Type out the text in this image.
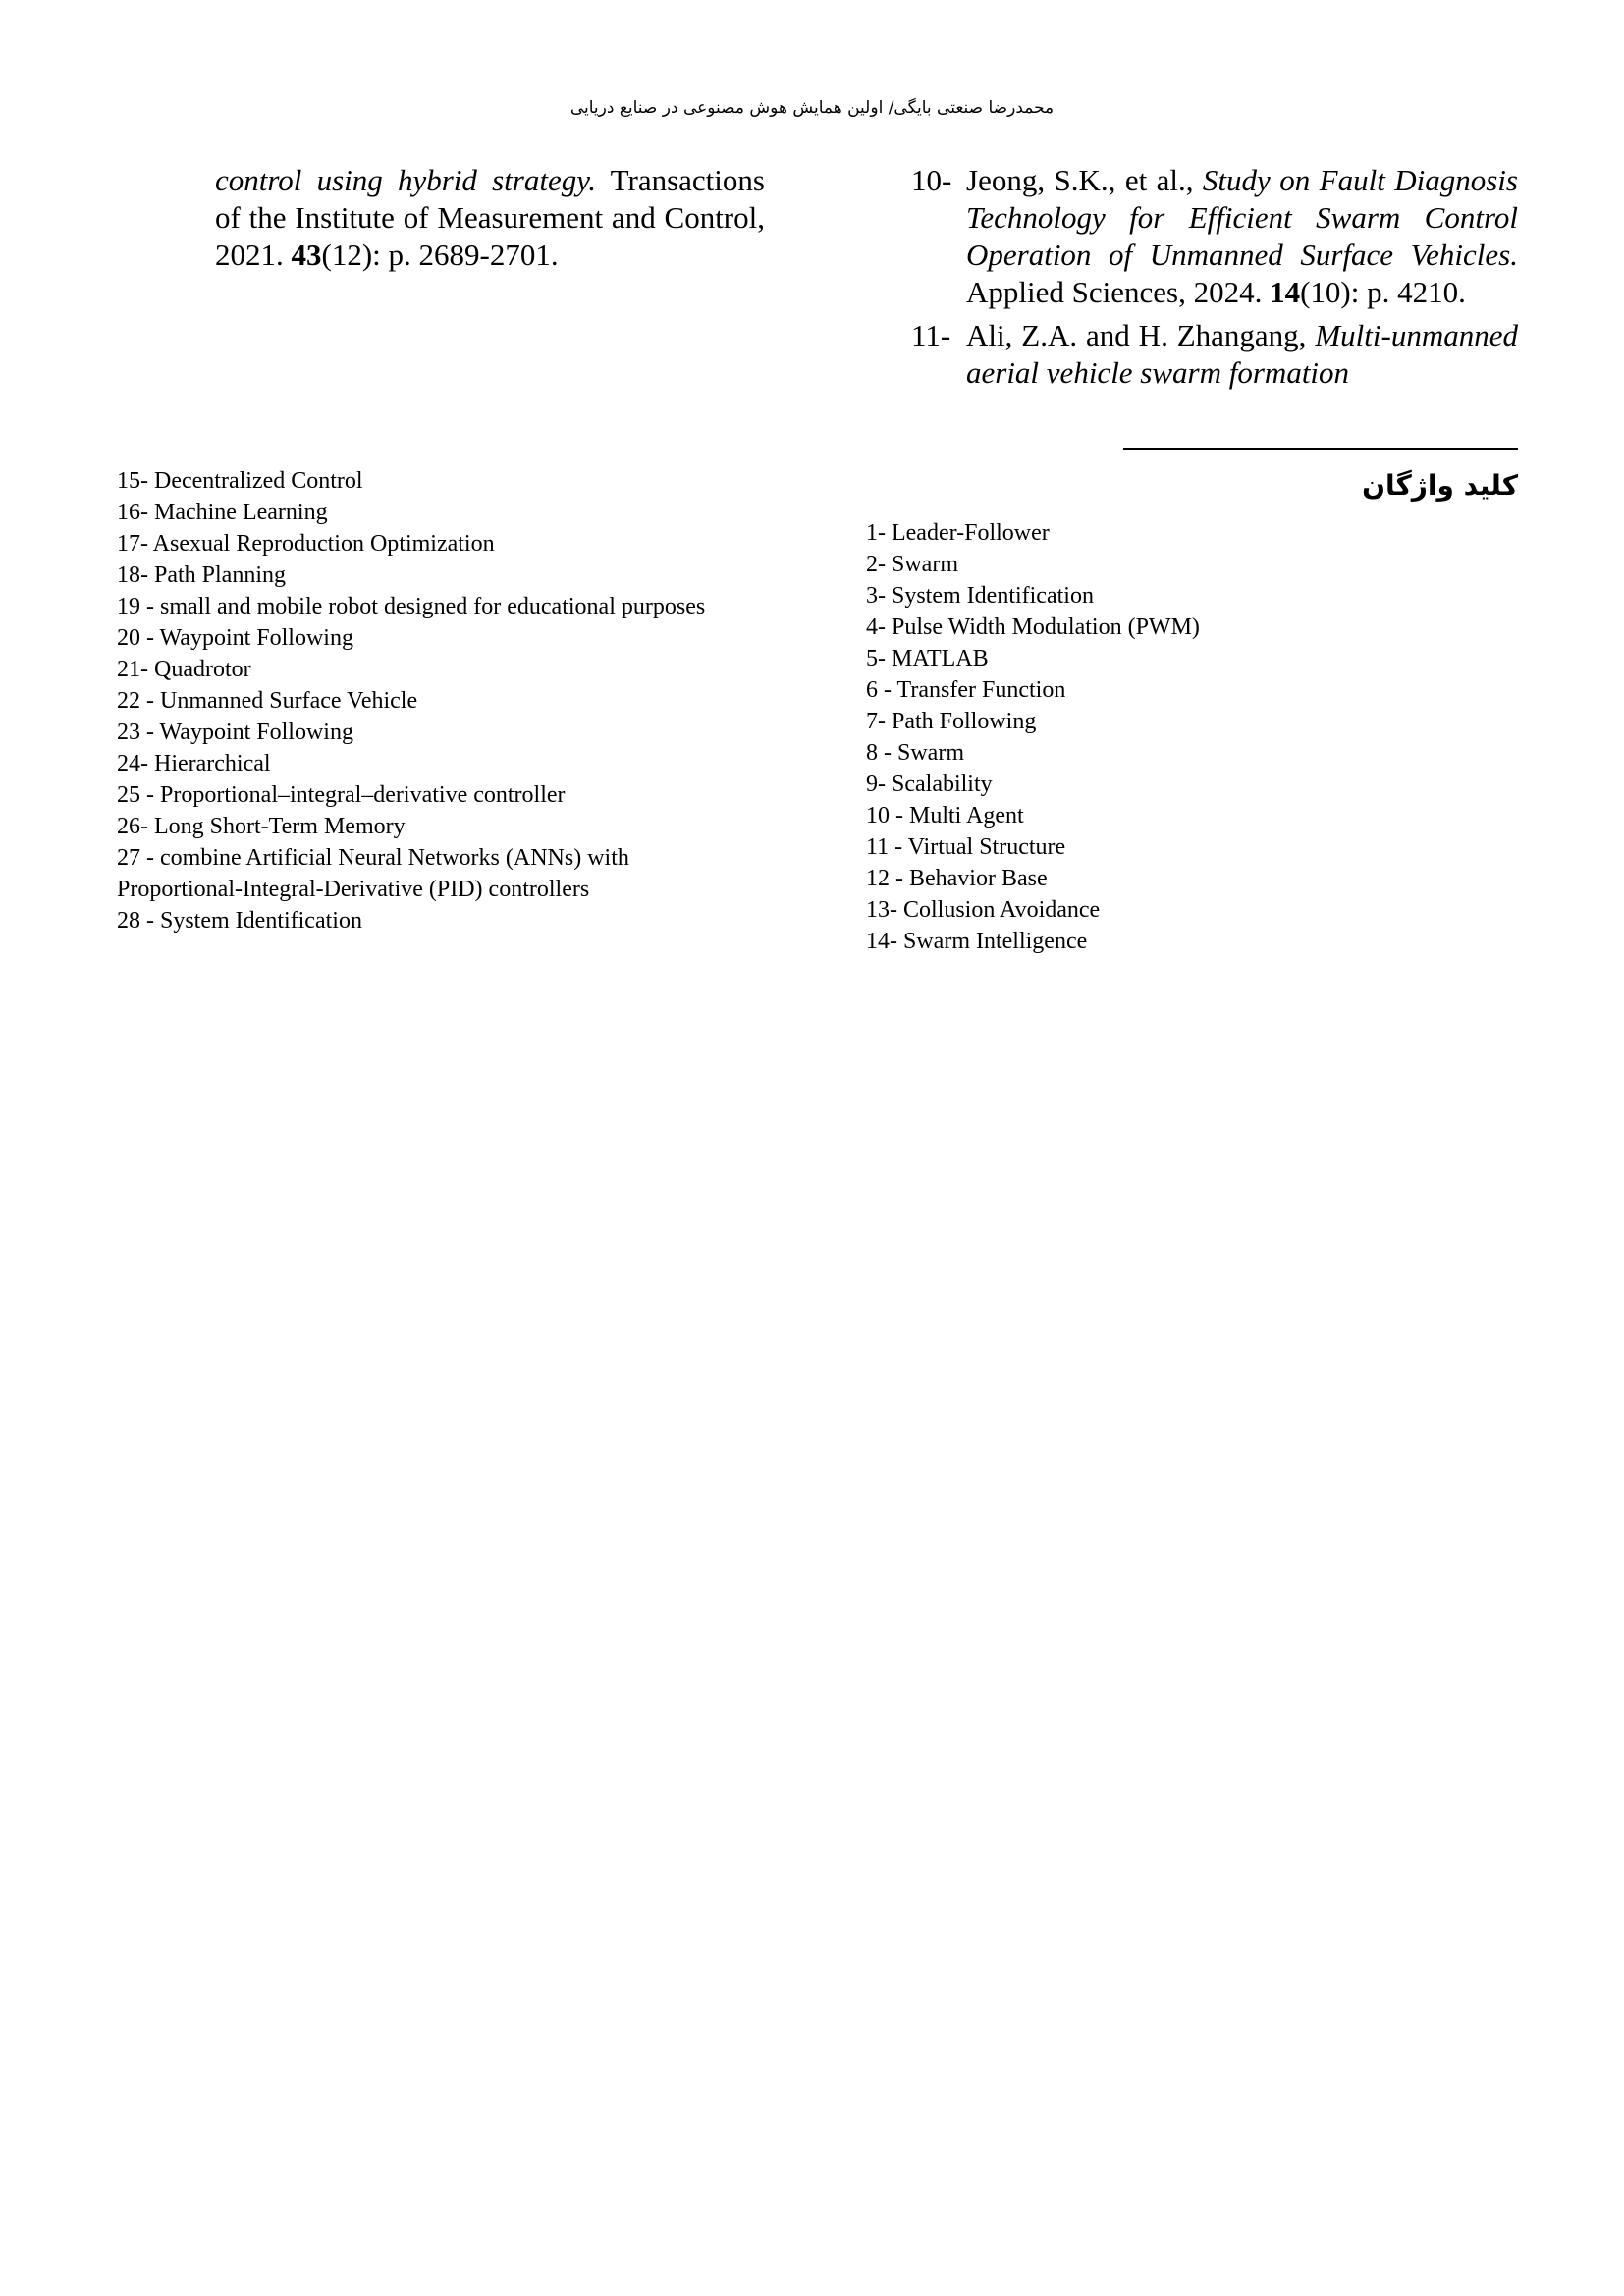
محمدرضا صنعتی بایگی/ اولین همایش هوش مصنوعی در صنایع دریایی
control using hybrid strategy. Transactions of the Institute of Measurement and Control, 2021. 43(12): p. 2689-2701.
10- Jeong, S.K., et al., Study on Fault Diagnosis Technology for Efficient Swarm Control Operation of Unmanned Surface Vehicles. Applied Sciences, 2024. 14(10): p. 4210.
11- Ali, Z.A. and H. Zhangang, Multi-unmanned aerial vehicle swarm formation
کلید واژگان
15- Decentralized Control
16- Machine Learning
17- Asexual Reproduction Optimization
18- Path Planning
19 - small and mobile robot designed for educational purposes
20 - Waypoint Following
21- Quadrotor
22 - Unmanned Surface Vehicle
23 - Waypoint Following
24- Hierarchical
25 - Proportional–integral–derivative controller
26- Long Short-Term Memory
27 - combine Artificial Neural Networks (ANNs) with Proportional-Integral-Derivative (PID) controllers
28 - System Identification
1- Leader-Follower
2- Swarm
3- System Identification
4- Pulse Width Modulation (PWM)
5- MATLAB
6 - Transfer Function
7- Path Following
8 - Swarm
9- Scalability
10 - Multi Agent
11 - Virtual Structure
12 - Behavior Base
13- Collusion Avoidance
14- Swarm Intelligence
